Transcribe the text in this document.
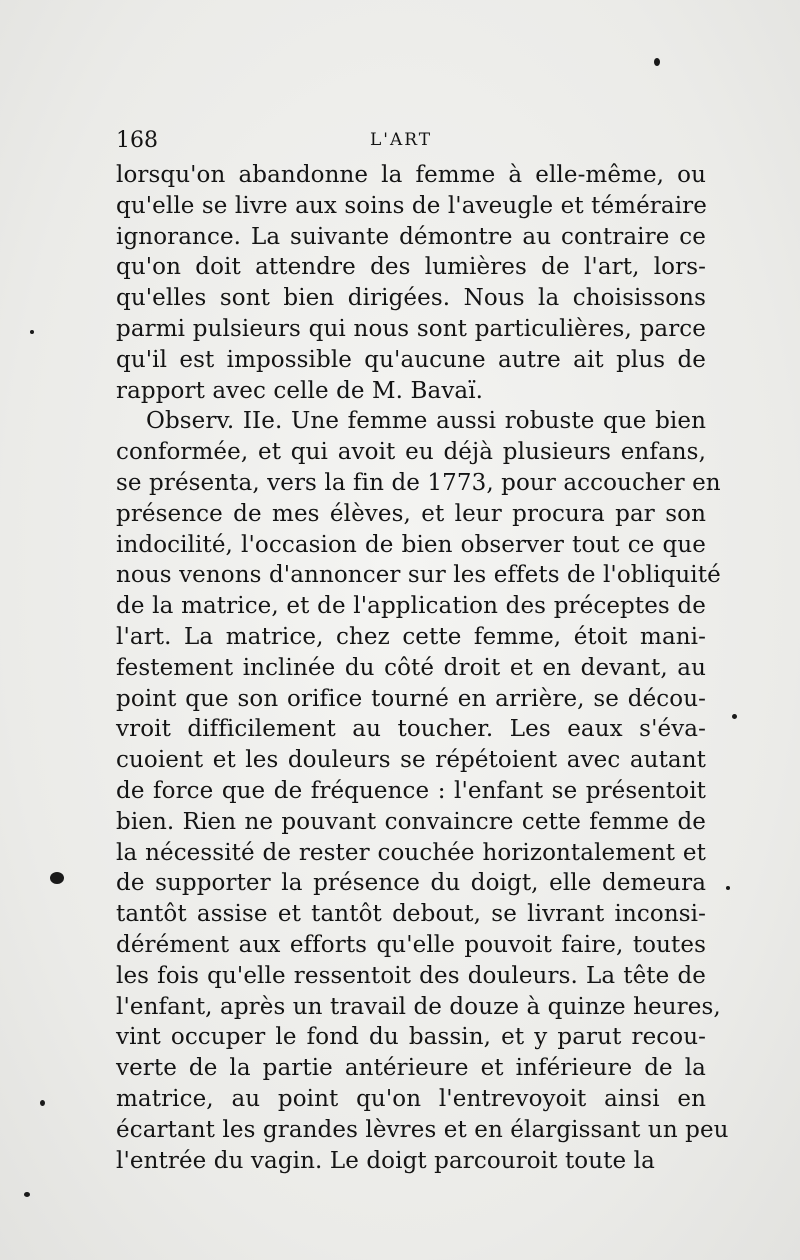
168	L'ART
lorsqu'on abandonne la femme à elle-même, ou
qu'elle se livre aux soins de l'aveugle et téméraire
ignorance. La suivante démontre au contraire ce
qu'on doit attendre des lumières de l'art, lors-
qu'elles sont bien dirigées. Nous la choisissons
parmi pulsieurs qui nous sont particulières, parce
qu'il est impossible qu'aucune autre ait plus de
rapport avec celle de M. Bavaï.
Observ. IIe. Une femme aussi robuste que bien
conformée, et qui avoit eu déjà plusieurs enfans,
se présenta, vers la fin de 1773, pour accoucher en
présence de mes élèves, et leur procura par son
indocilité, l'occasion de bien observer tout ce que
nous venons d'annoncer sur les effets de l'obliquité
de la matrice, et de l'application des préceptes de
l'art. La matrice, chez cette femme, étoit mani-
festement inclinée du côté droit et en devant, au
point que son orifice tourné en arrière, se décou-
vroit difficilement au toucher. Les eaux s'éva-
cuoient et les douleurs se répétoient avec autant
de force que de fréquence : l'enfant se présentoit
bien. Rien ne pouvant convaincre cette femme de
la nécessité de rester couchée horizontalement et
de supporter la présence du doigt, elle demeura
tantôt assise et tantôt debout, se livrant inconsi-
dérément aux efforts qu'elle pouvoit faire, toutes
les fois qu'elle ressentoit des douleurs. La tête de
l'enfant, après un travail de douze à quinze heures,
vint occuper le fond du bassin, et y parut recou-
verte de la partie antérieure et inférieure de la
matrice, au point qu'on l'entrevoyoit ainsi en
écartant les grandes lèvres et en élargissant un peu
l'entrée du vagin. Le doigt parcouroit toute la
